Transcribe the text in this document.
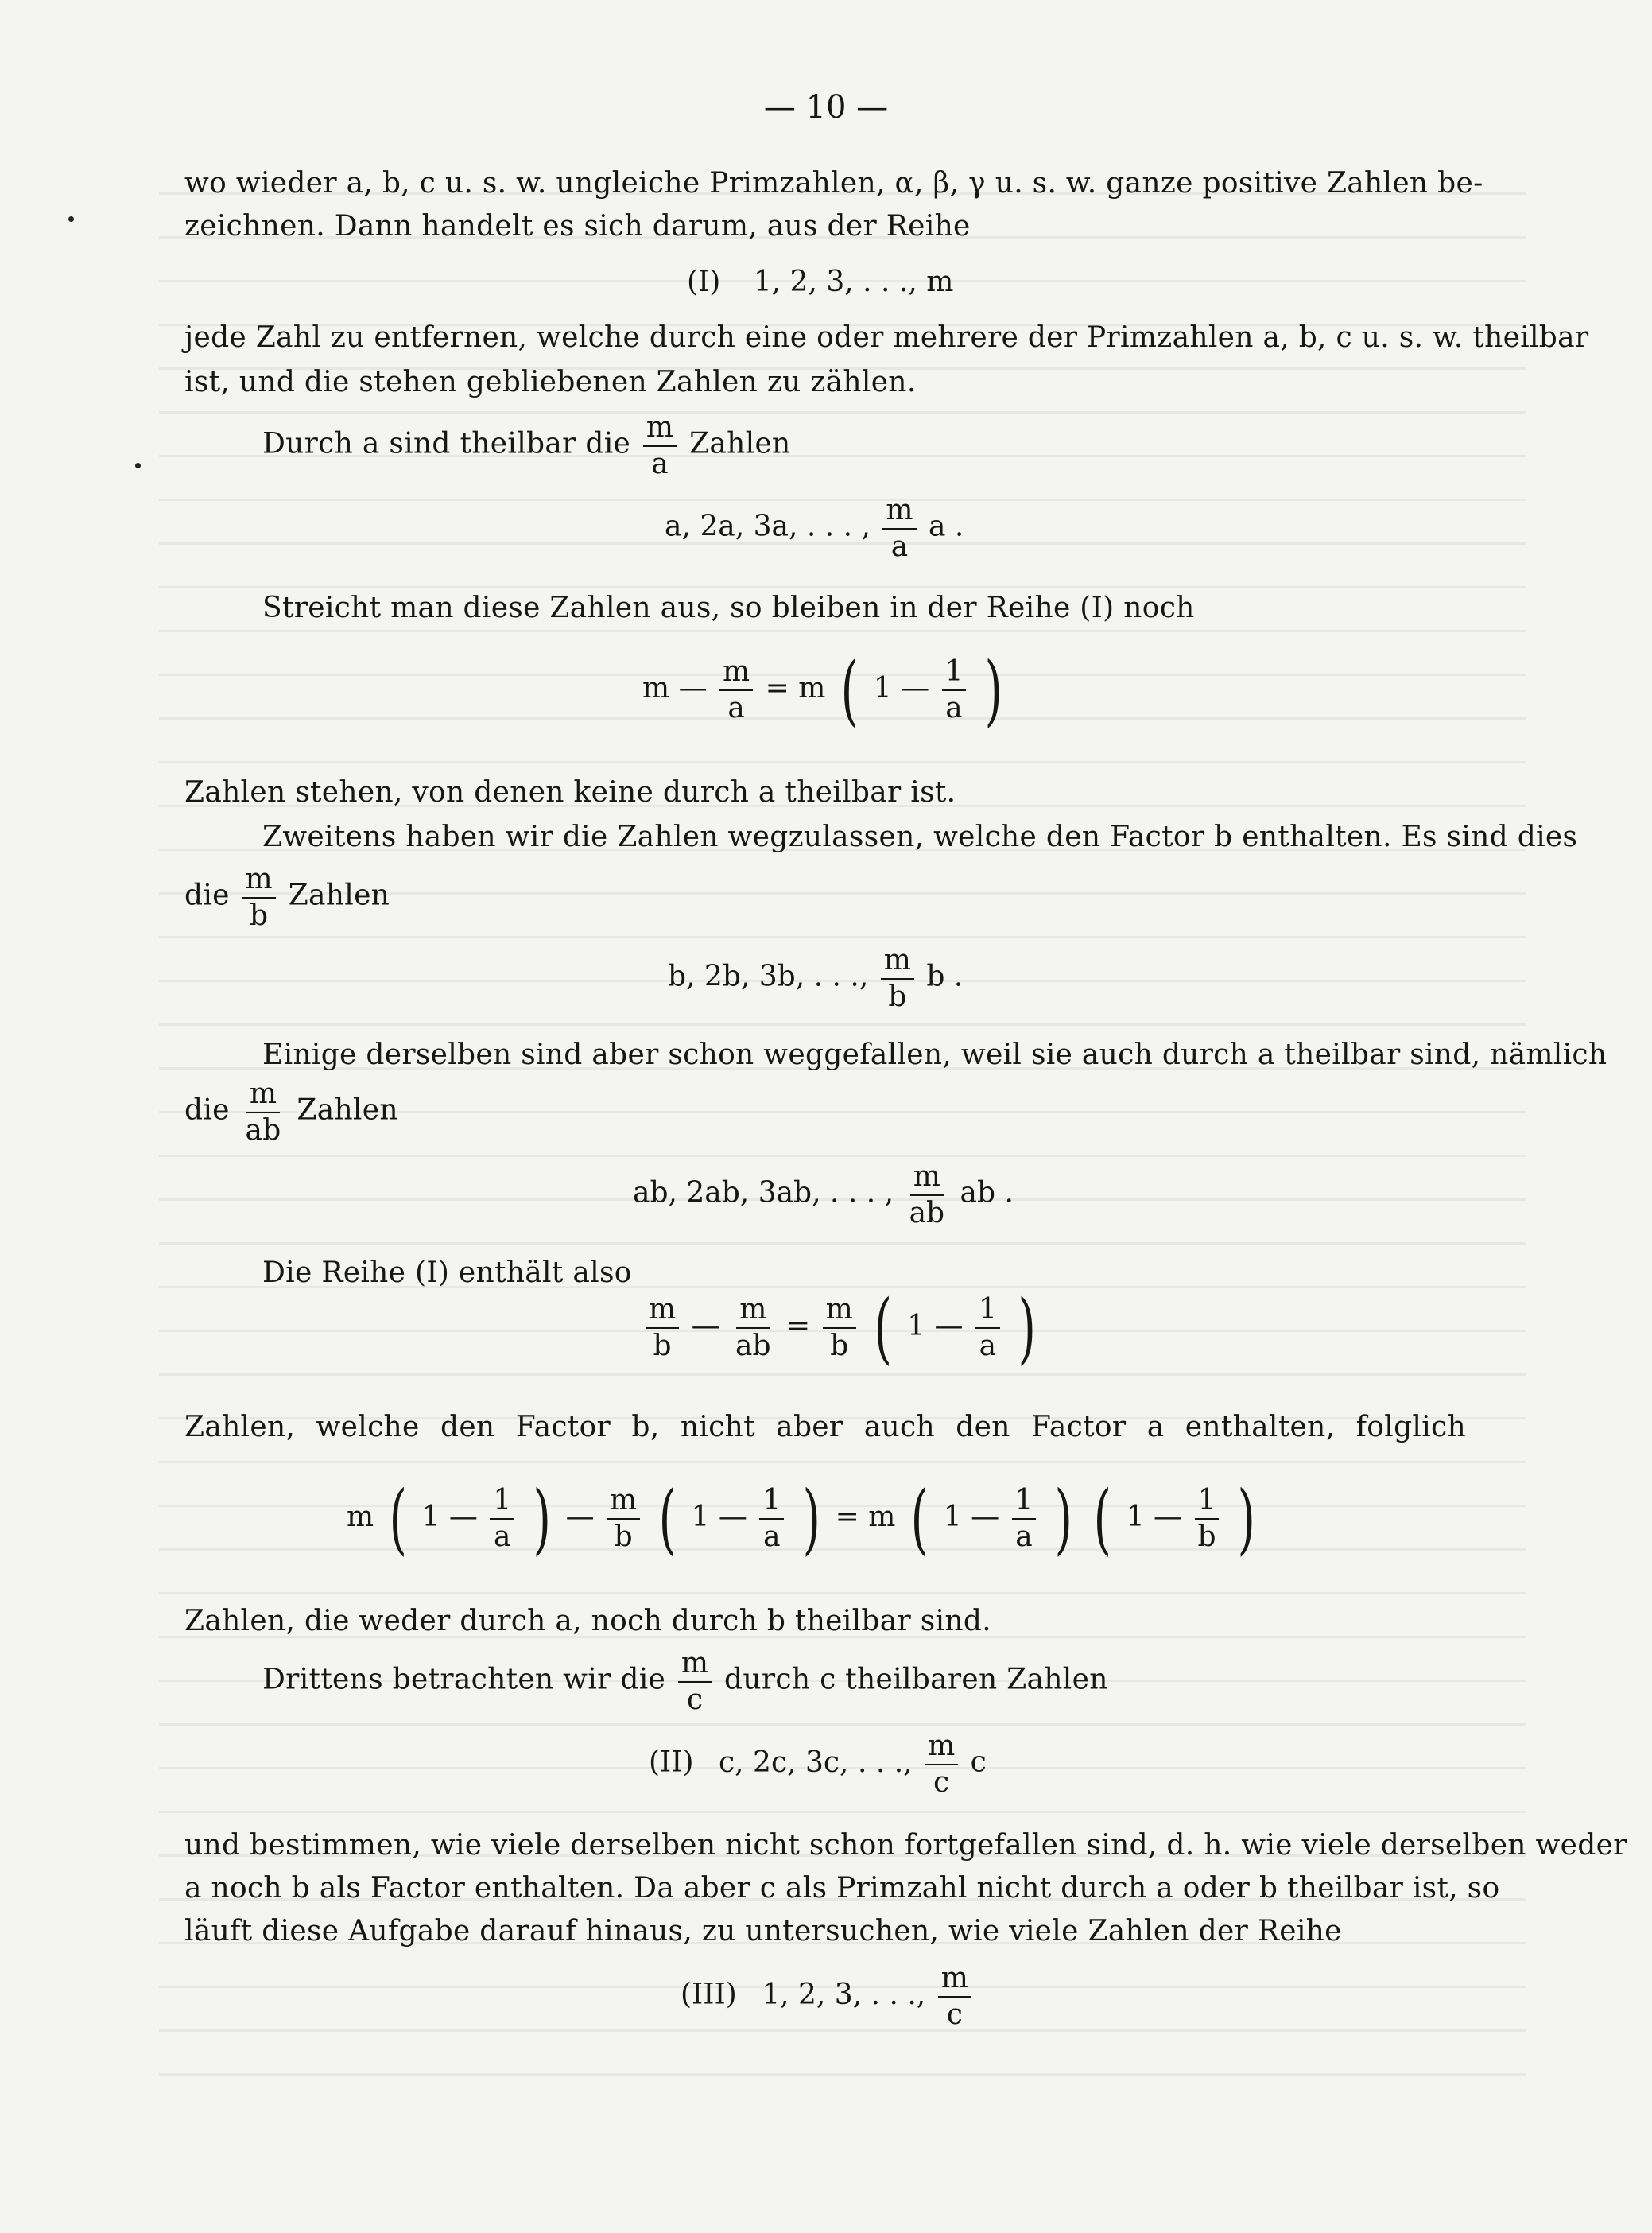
— 10 —
wo wieder a, b, c u. s. w. ungleiche Primzahlen, α, β, γ u. s. w. ganze positive Zahlen be-
zeichnen. Dann handelt es sich darum, aus der Reihe
(I) 1, 2, 3, . . ., m
jede Zahl zu entfernen, welche durch eine oder mehrere der Primzahlen a, b, c u. s. w. theilbar
ist, und die stehen gebliebenen Zahlen zu zählen.
Durch a sind theilbar die $\frac{m}{a}$ Zahlen
a, 2a, 3a, . . . , $\frac{m}{a}$ a .
Streicht man diese Zahlen aus, so bleiben in der Reihe (I) noch
m — $\frac{m}{a} = m$ ( 1 — $\frac{1}{a}$ )
Zahlen stehen, von denen keine durch a theilbar ist.
Zweitens haben wir die Zahlen wegzulassen, welche den Factor b enthalten. Es sind dies
die $\frac{m}{b}$ Zahlen
b, 2b, 3b, . . ., $\frac{m}{b}$ b .
Einige derselben sind aber schon weggefallen, weil sie auch durch a theilbar sind, nämlich
die $\frac{m}{ab}$ Zahlen
ab, 2ab, 3ab, . . . , $\frac{m}{ab}$ ab .
Die Reihe (I) enthält also
$\frac{m}{b}$ — $\frac{m}{ab} = \frac{m}{b}$ ( 1 — $\frac{1}{a}$ )
Zahlen, welche den Factor b, nicht aber auch den Factor a enthalten, folglich
m ( 1 — $\frac{1}{a}$ ) — $\frac{m}{b}$ ( 1 — $\frac{1}{a}$ ) = m ( 1 — $\frac{1}{a}$ ) ( 1 — $\frac{1}{b}$ )
Zahlen, die weder durch a, noch durch b theilbar sind.
Drittens betrachten wir die $\frac{m}{c}$ durch c theilbaren Zahlen
(II) c, 2c, 3c, . . ., $\frac{m}{c}$ c
und bestimmen, wie viele derselben nicht schon fortgefallen sind, d. h. wie viele derselben weder
a noch b als Factor enthalten. Da aber c als Primzahl nicht durch a oder b theilbar ist, so
läuft diese Aufgabe darauf hinaus, zu untersuchen, wie viele Zahlen der Reihe
(III) 1, 2, 3, . . ., $\frac{m}{c}$
